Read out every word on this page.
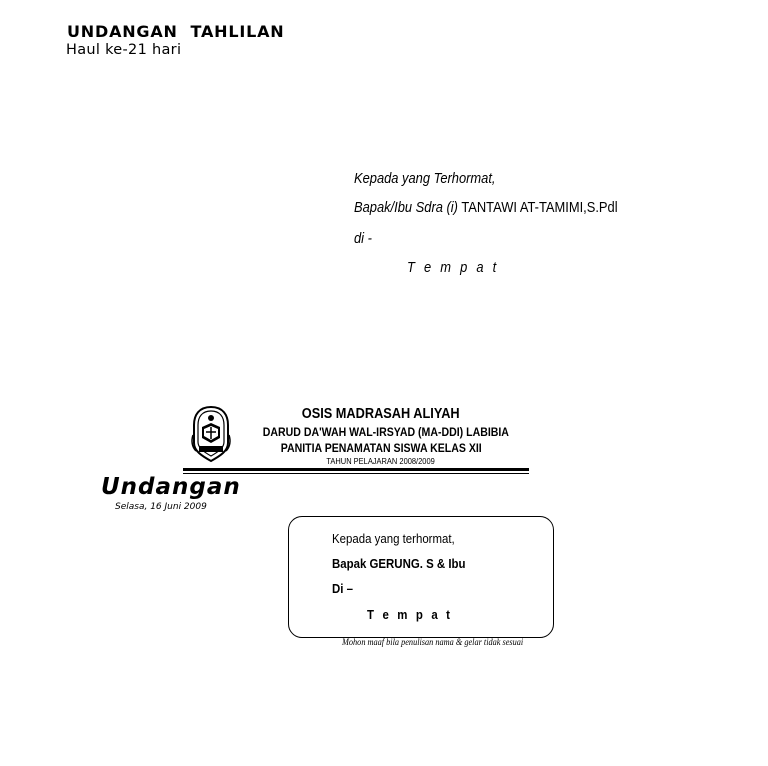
UNDANGAN  TAHLILAN
Haul ke-21 hari
Kepada yang Terhormat,
Bapak/Ibu Sdra (i) TANTAWI AT-TAMIMI,S.Pdl
di -
T e m p a t
OSIS MADRASAH ALIYAH
DARUD DA'WAH WAL-IRSYAD (MA-DDI) LABIBIA
PANITIA PENAMATAN SISWA KELAS XII
TAHUN PELAJARAN 2008/2009
Undangan
Selasa, 16 Juni 2009
Kepada yang terhormat,
Bapak GERUNG. S & Ibu
Di –
T e m p a t
Mohon maaf bila penulisan nama & gelar tidak sesuai
